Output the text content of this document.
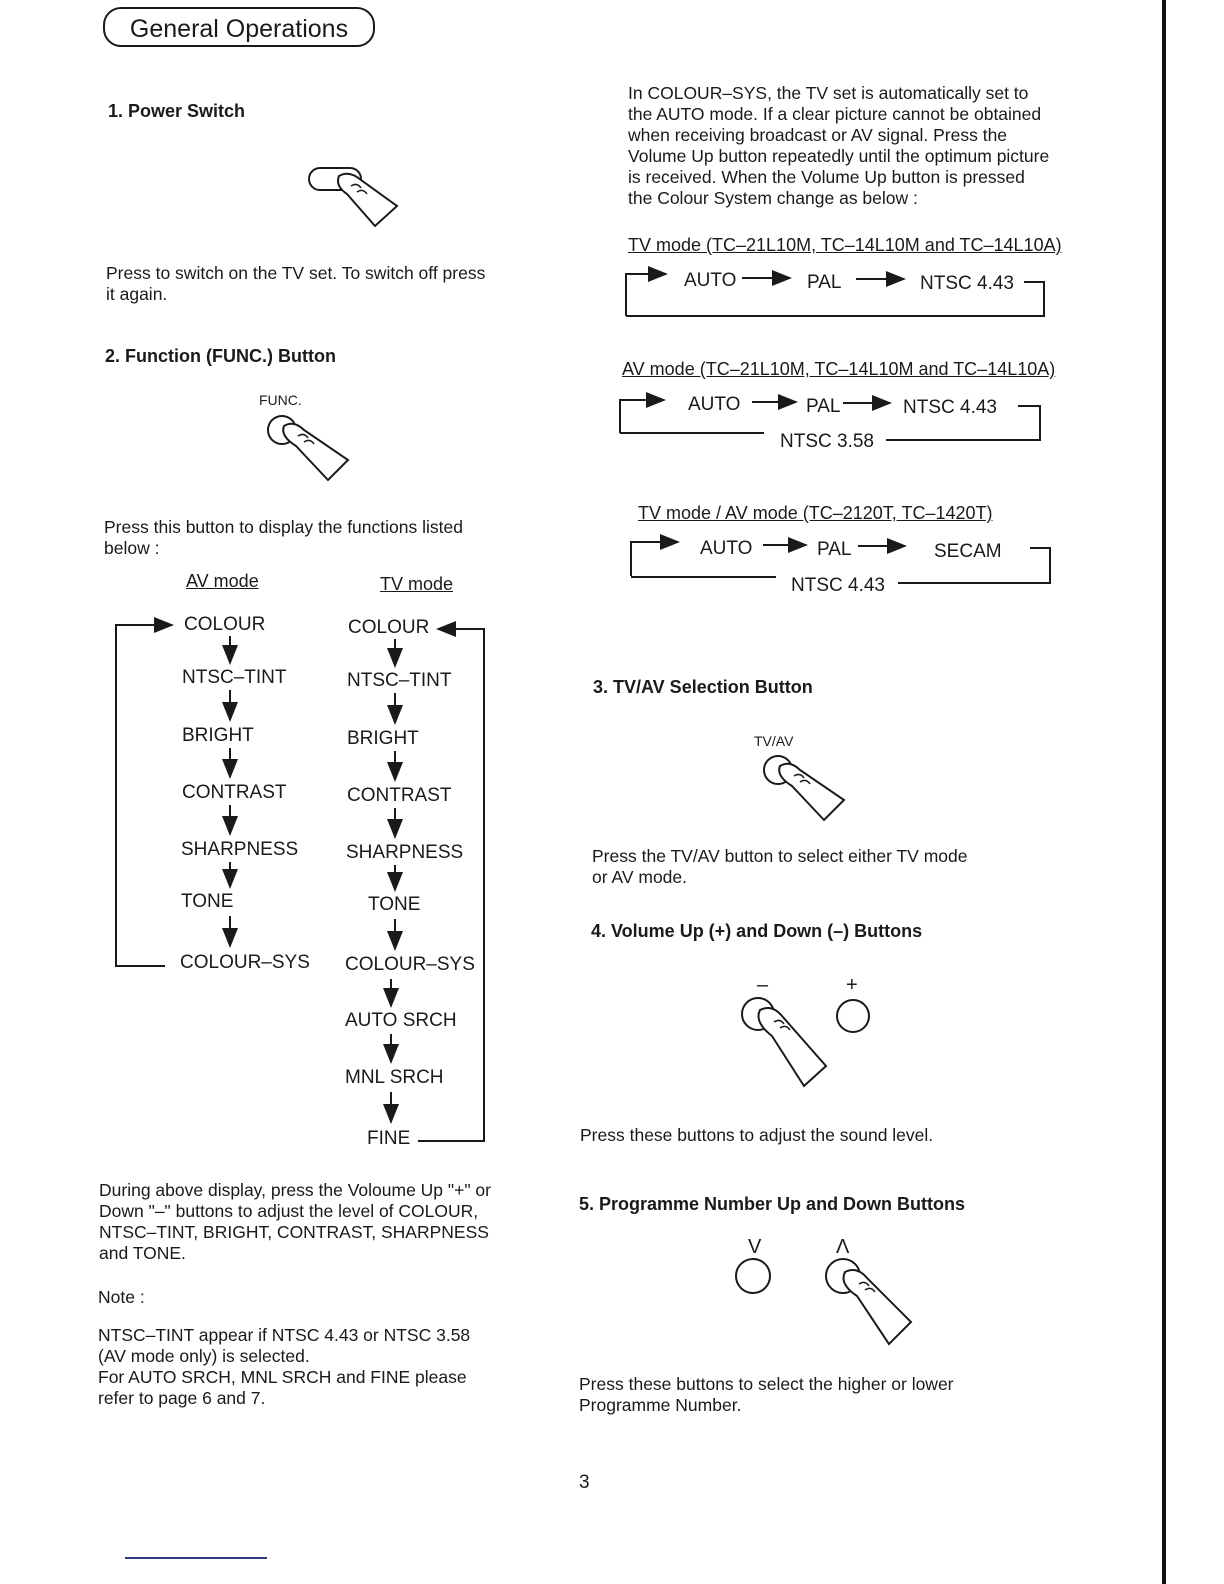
General Operations
1. Power Switch
Press to switch on the TV set. To switch off press
it again.
2. Function (FUNC.) Button
FUNC.
Press this button to display the functions listed
below :
AV mode	TV mode
COLOUR
NTSC–TINT
BRIGHT
CONTRAST
SHARPNESS
TONE
COLOUR–SYS
COLOUR
NTSC–TINT
BRIGHT
CONTRAST
SHARPNESS
TONE
COLOUR–SYS
AUTO SRCH
MNL SRCH
FINE
During above display, press the Voloume Up "+" or
Down "–" buttons to adjust the level of COLOUR,
NTSC–TINT, BRIGHT, CONTRAST, SHARPNESS
and TONE.
Note :
NTSC–TINT appear if NTSC 4.43 or NTSC 3.58
(AV mode only) is selected.
For AUTO SRCH, MNL SRCH and FINE please
refer to page 6 and 7.
In COLOUR–SYS, the TV set is automatically set to
the AUTO mode. If a clear picture cannot be obtained
when receiving broadcast or AV signal. Press the
Volume Up button repeatedly until the optimum picture
is received. When the Volume Up button is pressed
the Colour System change as below :
TV mode (TC–21L10M, TC–14L10M and TC–14L10A)
AUTO	PAL	NTSC 4.43
AV mode (TC–21L10M, TC–14L10M and TC–14L10A)
AUTO	PAL	NTSC 4.43
NTSC 3.58
TV mode / AV mode (TC–2120T, TC–1420T)
AUTO	PAL	SECAM
NTSC 4.43
3. TV/AV Selection Button
TV/AV
Press the TV/AV button to select either TV mode
or AV mode.
4. Volume Up (+) and Down (–) Buttons
–	+
Press these buttons to adjust the sound level.
5. Programme Number Up and Down Buttons
V	Λ
Press these buttons to select the higher or lower
Programme Number.
3
